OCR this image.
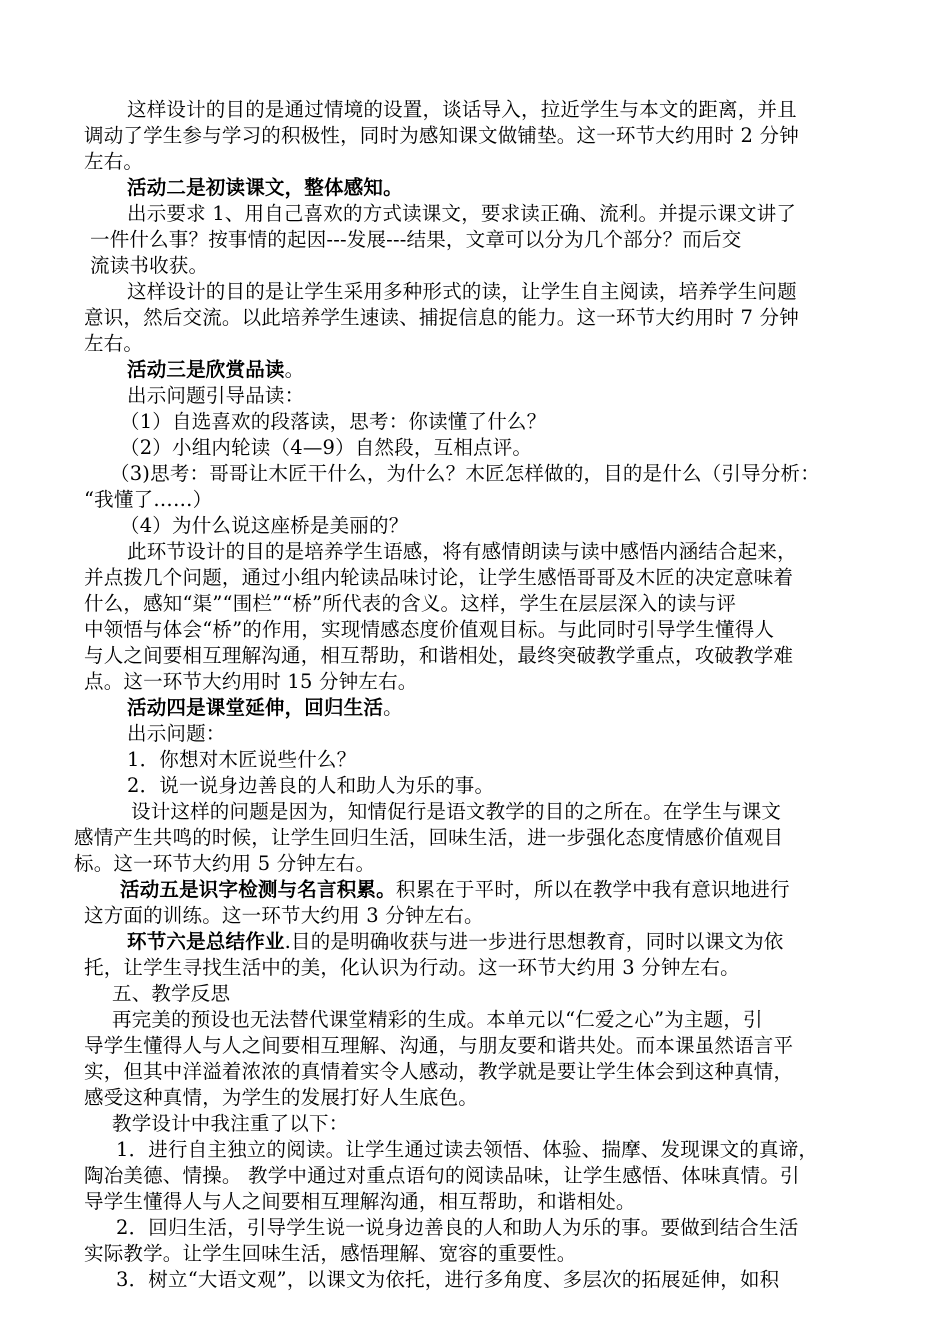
这样设计的目的是通过情境的设置，谈话导入，拉近学生与本文的距离，并且
调动了学生参与学习的积极性，同时为感知课文做铺垫。这一环节大约用时 2 分钟
左右。
活动二是初读课文，整体感知。
出示要求 1、用自己喜欢的方式读课文，要求读正确、流利。并提示课文讲了
一件什么事？按事情的起因---发展---结果，文章可以分为几个部分？而后交
流读书收获。
这样设计的目的是让学生采用多种形式的读，让学生自主阅读，培养学生问题
意识，然后交流。以此培养学生速读、捕捉信息的能力。这一环节大约用时 7 分钟
左右。
活动三是欣赏品读。
出示问题引导品读：
（1）自选喜欢的段落读，思考：你读懂了什么？
（2）小组内轮读（4—9）自然段，互相点评。
（3)思考：哥哥让木匠干什么，为什么？木匠怎样做的，目的是什么（引导分析：
“我懂了……）
（4）为什么说这座桥是美丽的？
此环节设计的目的是培养学生语感，将有感情朗读与读中感悟内涵结合起来，
并点拨几个问题，通过小组内轮读品味讨论，让学生感悟哥哥及木匠的决定意味着
什么，感知“渠”“围栏”“桥”所代表的含义。这样，学生在层层深入的读与评
中领悟与体会“桥”的作用，实现情感态度价值观目标。与此同时引导学生懂得人
与人之间要相互理解沟通，相互帮助，和谐相处，最终突破教学重点，攻破教学难
点。这一环节大约用时 15 分钟左右。
活动四是课堂延伸，回归生活。
出示问题：
1．你想对木匠说些什么？
2．说一说身边善良的人和助人为乐的事。
设计这样的问题是因为，知情促行是语文教学的目的之所在。在学生与课文
感情产生共鸣的时候，让学生回归生活，回味生活，进一步强化态度情感价值观目
标。这一环节大约用 5 分钟左右。
活动五是识字检测与名言积累。积累在于平时，所以在教学中我有意识地进行
这方面的训练。这一环节大约用 3 分钟左右。
环节六是总结作业.目的是明确收获与进一步进行思想教育，同时以课文为依
托，让学生寻找生活中的美，化认识为行动。这一环节大约用 3 分钟左右。
五、教学反思
再完美的预设也无法替代课堂精彩的生成。本单元以“仁爱之心”为主题，引
导学生懂得人与人之间要相互理解、沟通，与朋友要和谐共处。而本课虽然语言平
实，但其中洋溢着浓浓的真情着实令人感动，教学就是要让学生体会到这种真情，
感受这种真情，为学生的发展打好人生底色。
教学设计中我注重了以下：
1．进行自主独立的阅读。让学生通过读去领悟、体验、揣摩、发现课文的真谛，
陶冶美德、情操。 教学中通过对重点语句的阅读品味，让学生感悟、体味真情。引
导学生懂得人与人之间要相互理解沟通，相互帮助，和谐相处。
2．回归生活，引导学生说一说身边善良的人和助人为乐的事。要做到结合生活
实际教学。让学生回味生活，感悟理解、宽容的重要性。
3．树立“大语文观”，以课文为依托，进行多角度、多层次的拓展延伸，如积
